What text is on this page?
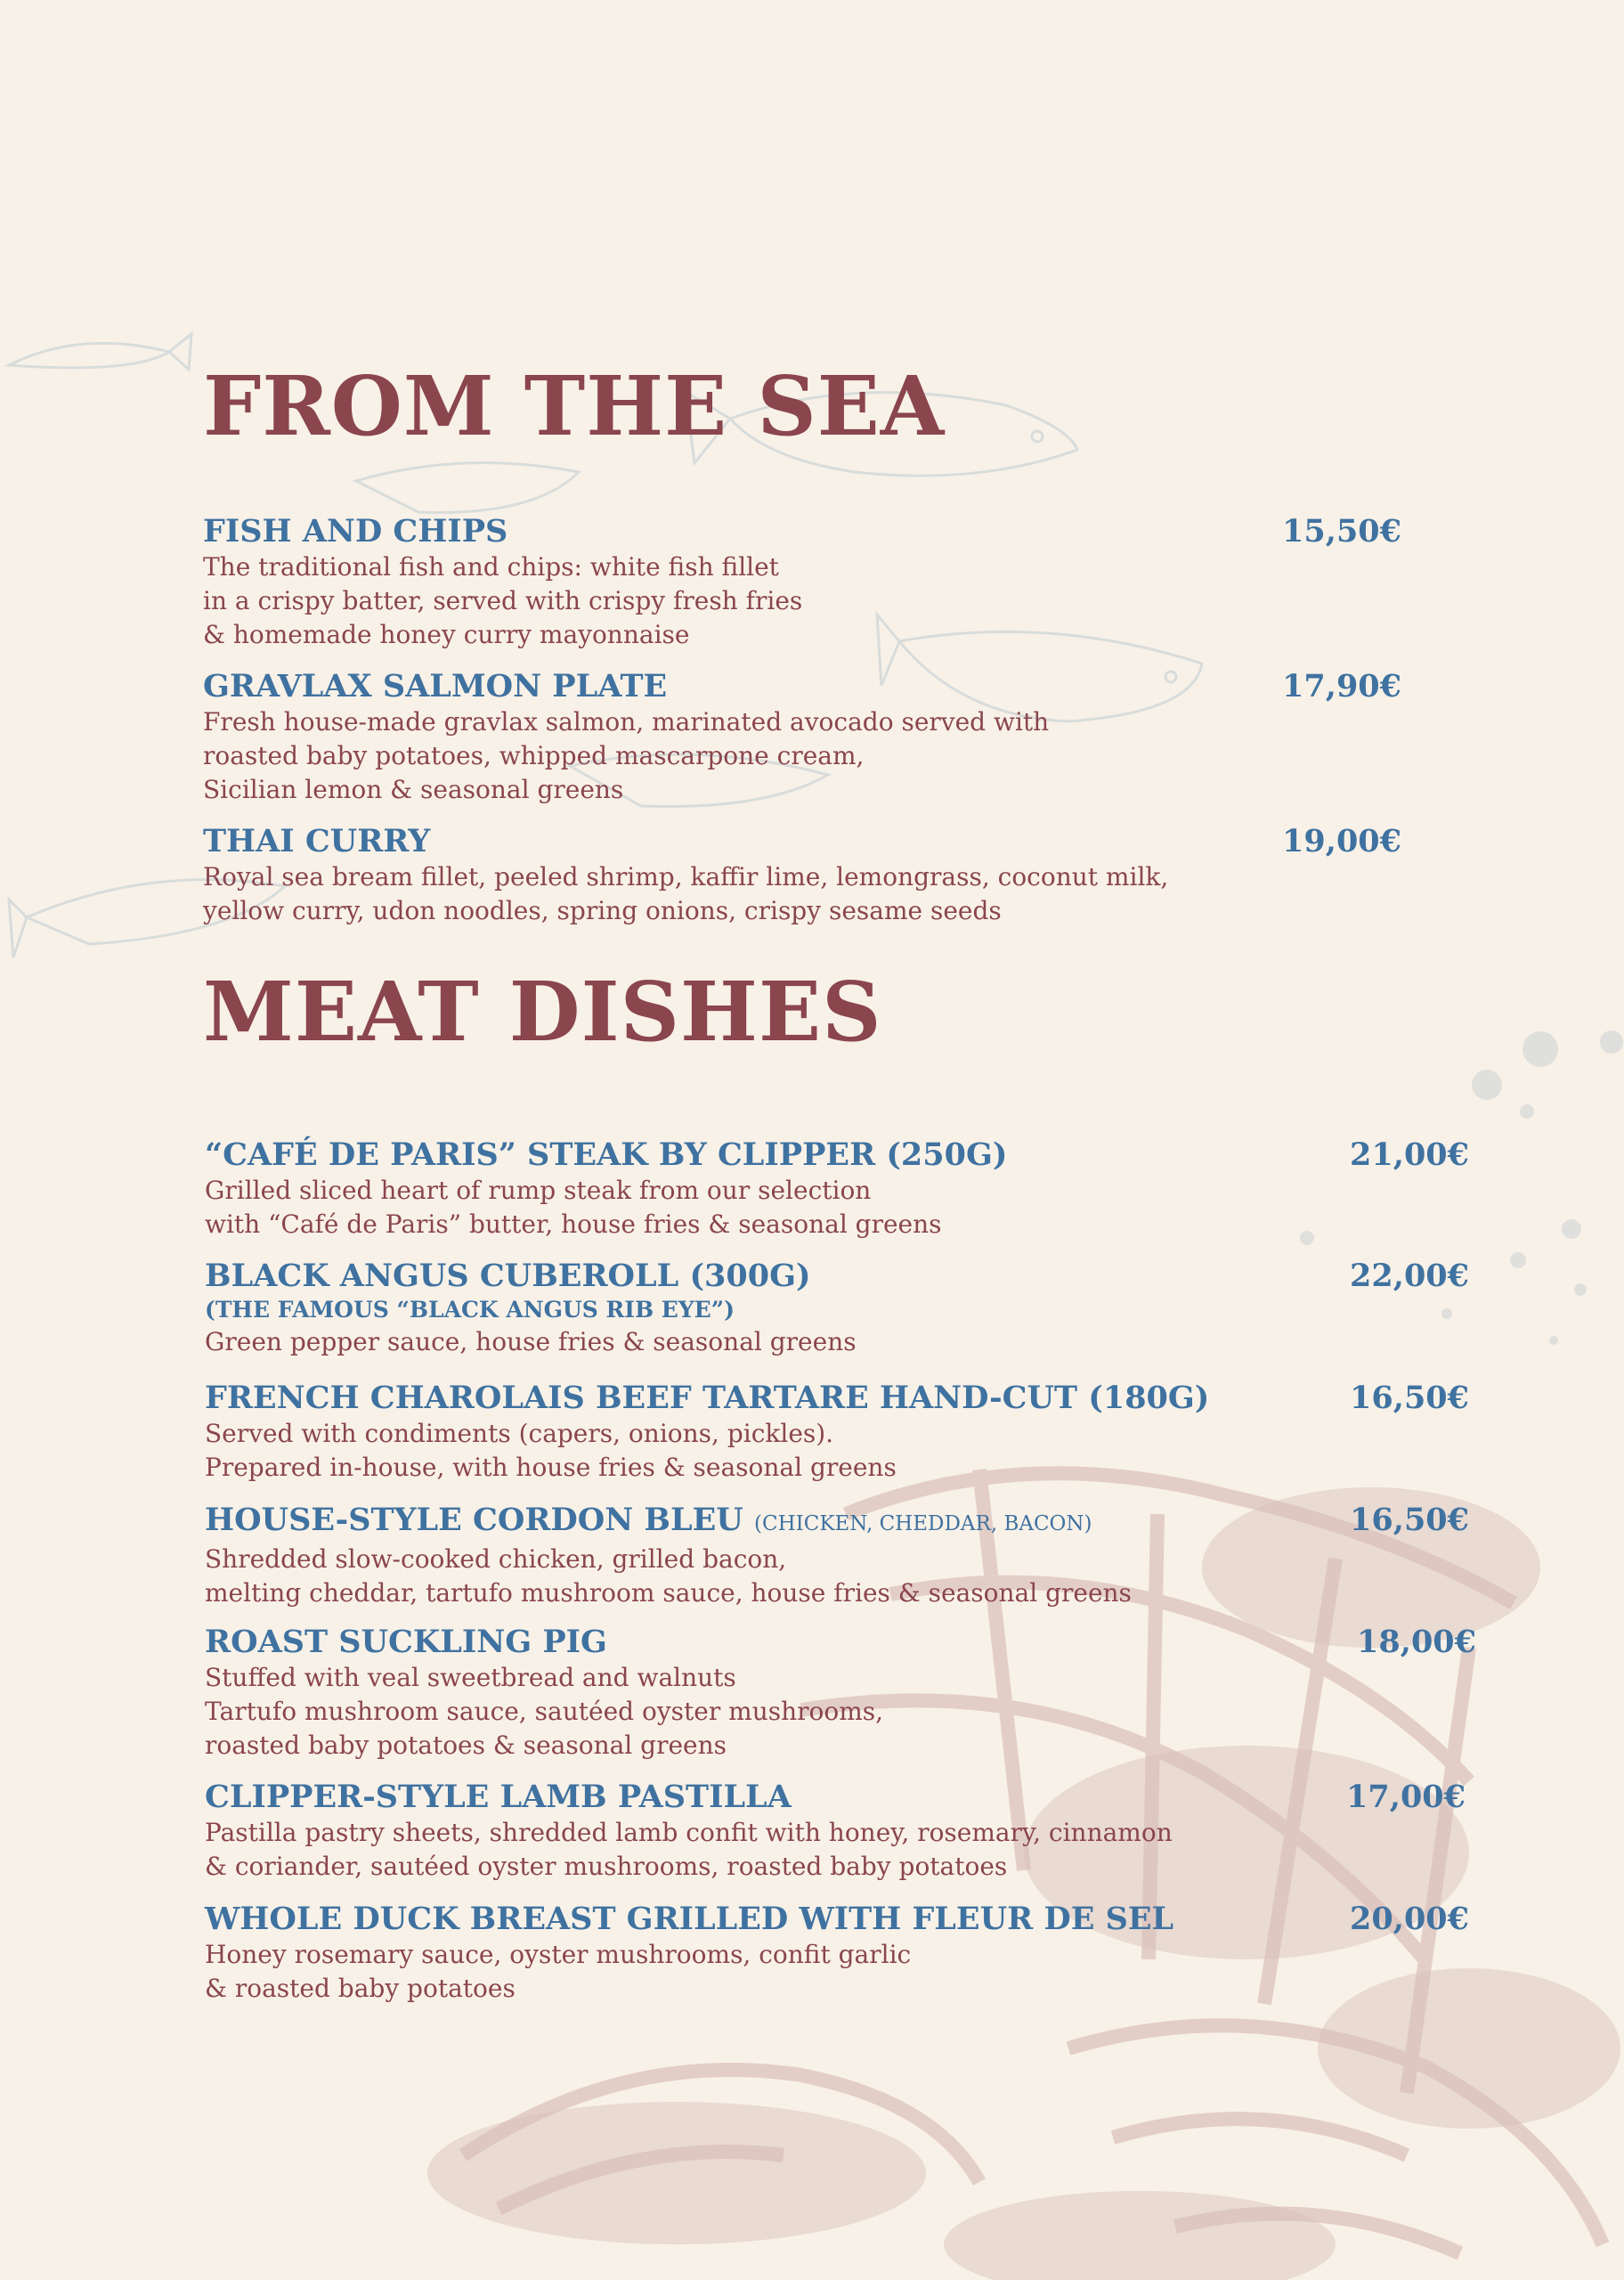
FROM THE SEA
FISH AND CHIPS
The traditional fish and chips: white fish fillet
in a crispy batter, served with crispy fresh fries
& homemade honey curry mayonnaise
15,50€
GRAVLAX SALMON PLATE
Fresh house-made gravlax salmon, marinated avocado served with
roasted baby potatoes, whipped mascarpone cream,
Sicilian lemon & seasonal greens
17,90€
THAI CURRY
Royal sea bream fillet, peeled shrimp, kaffir lime, lemongrass, coconut milk,
yellow curry, udon noodles, spring onions, crispy sesame seeds
19,00€
MEAT DISHES
“CAFÉ DE PARIS” STEAK BY CLIPPER (250G)
Grilled sliced heart of rump steak from our selection
with “Café de Paris” butter, house fries & seasonal greens
21,00€
BLACK ANGUS CUBEROLL (300G)
(THE FAMOUS “BLACK ANGUS RIB EYE”)
Green pepper sauce, house fries & seasonal greens
22,00€
FRENCH CHAROLAIS BEEF TARTARE HAND-CUT (180G)
Served with condiments (capers, onions, pickles).
Prepared in-house, with house fries & seasonal greens
16,50€
HOUSE-STYLE CORDON BLEU (CHICKEN, CHEDDAR, BACON)
Shredded slow-cooked chicken, grilled bacon,
melting cheddar, tartufo mushroom sauce, house fries & seasonal greens
16,50€
ROAST SUCKLING PIG
Stuffed with veal sweetbread and walnuts
Tartufo mushroom sauce, sautéed oyster mushrooms,
roasted baby potatoes & seasonal greens
18,00€
CLIPPER-STYLE LAMB PASTILLA
Pastilla pastry sheets, shredded lamb confit with honey, rosemary, cinnamon
& coriander, sautéed oyster mushrooms, roasted baby potatoes
17,00€
WHOLE DUCK BREAST GRILLED WITH FLEUR DE SEL
Honey rosemary sauce, oyster mushrooms, confit garlic
& roasted baby potatoes
20,00€
